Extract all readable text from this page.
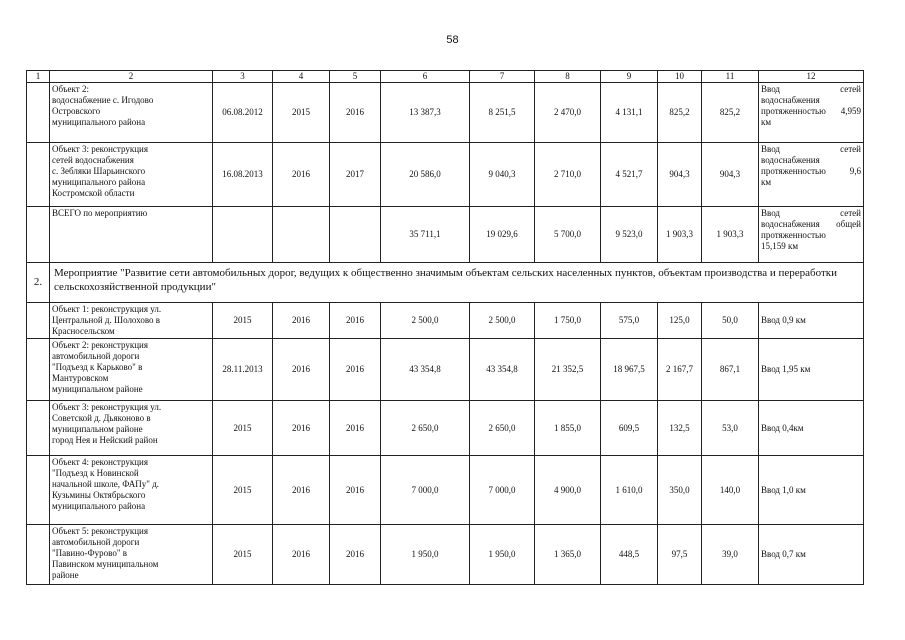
58
1	2	3	4	5	6	7	8	9	10	11	12

	Объект 2:
водоснабжение с. Игодово
Островского
муниципального района	06.08.2012	2015	2016	13 387,3	8 251,5	2 470,0	4 131,1	825,2	825,2	Ввод сетей
водоснабжения
протяженностью 4,959
км

	Объект 3: реконструкция
сетей водоснабжения
с. Зебляки Шарьинского
муниципального района
Костромской области	16.08.2013	2016	2017	20 586,0	9 040,3	2 710,0	4 521,7	904,3	904,3	Ввод сетей
водоснабжения
протяженностью 9,6
км

	ВСЕГО по мероприятию				35 711,1	19 029,6	5 700,0	9 523,0	1 903,3	1 903,3	Ввод сетей
водоснабжения общей
протяженностью
15,159 км

2.	Мероприятие "Развитие сети автомобильных дорог, ведущих к общественно значимым объектам сельских населенных пунктов, объектам производства и переработки сельскохозяйственной продукции"										

	Объект 1: реконструкция ул.
Центральной д. Шолохово в
Красносельском	2015	2016	2016	2 500,0	2 500,0	1 750,0	575,0	125,0	50,0	Ввод 0,9 км

	Объект 2: реконструкция
автомобильной дороги
"Подъезд к Карьково" в
Мантуровском
муниципальном районе	28.11.2013	2016	2016	43 354,8	43 354,8	21 352,5	18 967,5	2 167,7	867,1	Ввод 1,95 км

	Объект 3: реконструкция ул.
Советской д. Дьяконово в
муниципальном районе
город Нея и Нейский район	2015	2016	2016	2 650,0	2 650,0	1 855,0	609,5	132,5	53,0	Ввод 0,4км

	Объект 4: реконструкция
"Подъезд к Новинской
начальной школе, ФАПу" д.
Кузьмины Октябрьского
муниципального района	2015	2016	2016	7 000,0	7 000,0	4 900,0	1 610,0	350,0	140,0	Ввод 1,0 км

	Объект 5: реконструкция
автомобильной дороги
"Павино-Фурово" в
Павинском муниципальном
районе	2015	2016	2016	1 950,0	1 950,0	1 365,0	448,5	97,5	39,0	Ввод 0,7 км
